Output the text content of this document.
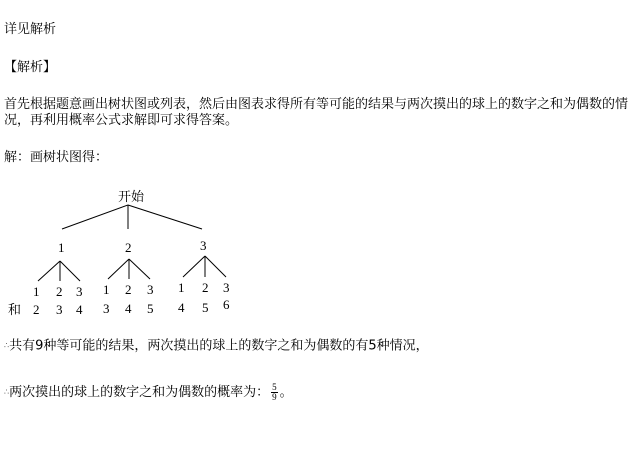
详见解析
【解析】
首先根据题意画出树状图或列表，然后由图表求得所有等可能的结果与两次摸出的球上的数字之和为偶数的情况，再利用概率公式求解即可求得答案。
解：画树状图得：
开始
1	2	3
1 2 3 1 2 3 1 2 3
和 2 3 4 3 4 5 4 5 6
∴共有9种等可能的结果，两次摸出的球上的数字之和为偶数的有5种情况，
∴两次摸出的球上的数字之和为偶数的概率为： $\frac{5}{9}$ 。
